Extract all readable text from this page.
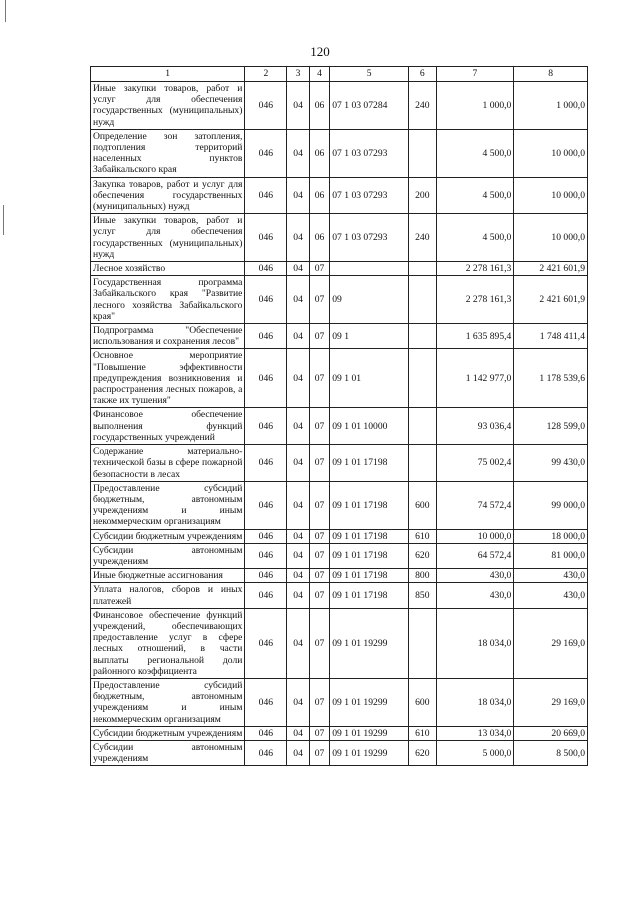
120
1	2	3	4	5	6	7	8
Иные закупки товаров, работ и услуг для обеспечения государственных (муниципальных) нужд	046	04	06	07 1 03 07284	240	1 000,0	1 000,0
Определение зон затопления, подтопления территорий населенных пунктов Забайкальского края	046	04	06	07 1 03 07293		4 500,0	10 000,0
Закупка товаров, работ и услуг для обеспечения государственных (муниципальных) нужд	046	04	06	07 1 03 07293	200	4 500,0	10 000,0
Иные закупки товаров, работ и услуг для обеспечения государственных (муниципальных) нужд	046	04	06	07 1 03 07293	240	4 500,0	10 000,0
Лесное хозяйство	046	04	07			2 278 161,3	2 421 601,9
Государственная программа Забайкальского края "Развитие лесного хозяйства Забайкальского края"	046	04	07	09		2 278 161,3	2 421 601,9
Подпрограмма "Обеспечение использования и сохранения лесов"	046	04	07	09 1		1 635 895,4	1 748 411,4
Основное мероприятие "Повышение эффективности предупреждения возникновения и распространения лесных пожаров, а также их тушения"	046	04	07	09 1 01		1 142 977,0	1 178 539,6
Финансовое обеспечение выполнения функций государственных учреждений	046	04	07	09 1 01 10000		93 036,4	128 599,0
Содержание материально-технической базы в сфере пожарной безопасности в лесах	046	04	07	09 1 01 17198		75 002,4	99 430,0
Предоставление субсидий бюджетным, автономным учреждениям и иным некоммерческим организациям	046	04	07	09 1 01 17198	600	74 572,4	99 000,0
Субсидии бюджетным учреждениям	046	04	07	09 1 01 17198	610	10 000,0	18 000,0
Субсидии автономным учреждениям	046	04	07	09 1 01 17198	620	64 572,4	81 000,0
Иные бюджетные ассигнования	046	04	07	09 1 01 17198	800	430,0	430,0
Уплата налогов, сборов и иных платежей	046	04	07	09 1 01 17198	850	430,0	430,0
Финансовое обеспечение функций учреждений, обеспечивающих предоставление услуг в сфере лесных отношений, в части выплаты региональной доли районного коэффициента	046	04	07	09 1 01 19299		18 034,0	29 169,0
Предоставление субсидий бюджетным, автономным учреждениям и иным некоммерческим организациям	046	04	07	09 1 01 19299	600	18 034,0	29 169,0
Субсидии бюджетным учреждениям	046	04	07	09 1 01 19299	610	13 034,0	20 669,0
Субсидии автономным учреждениям	046	04	07	09 1 01 19299	620	5 000,0	8 500,0
